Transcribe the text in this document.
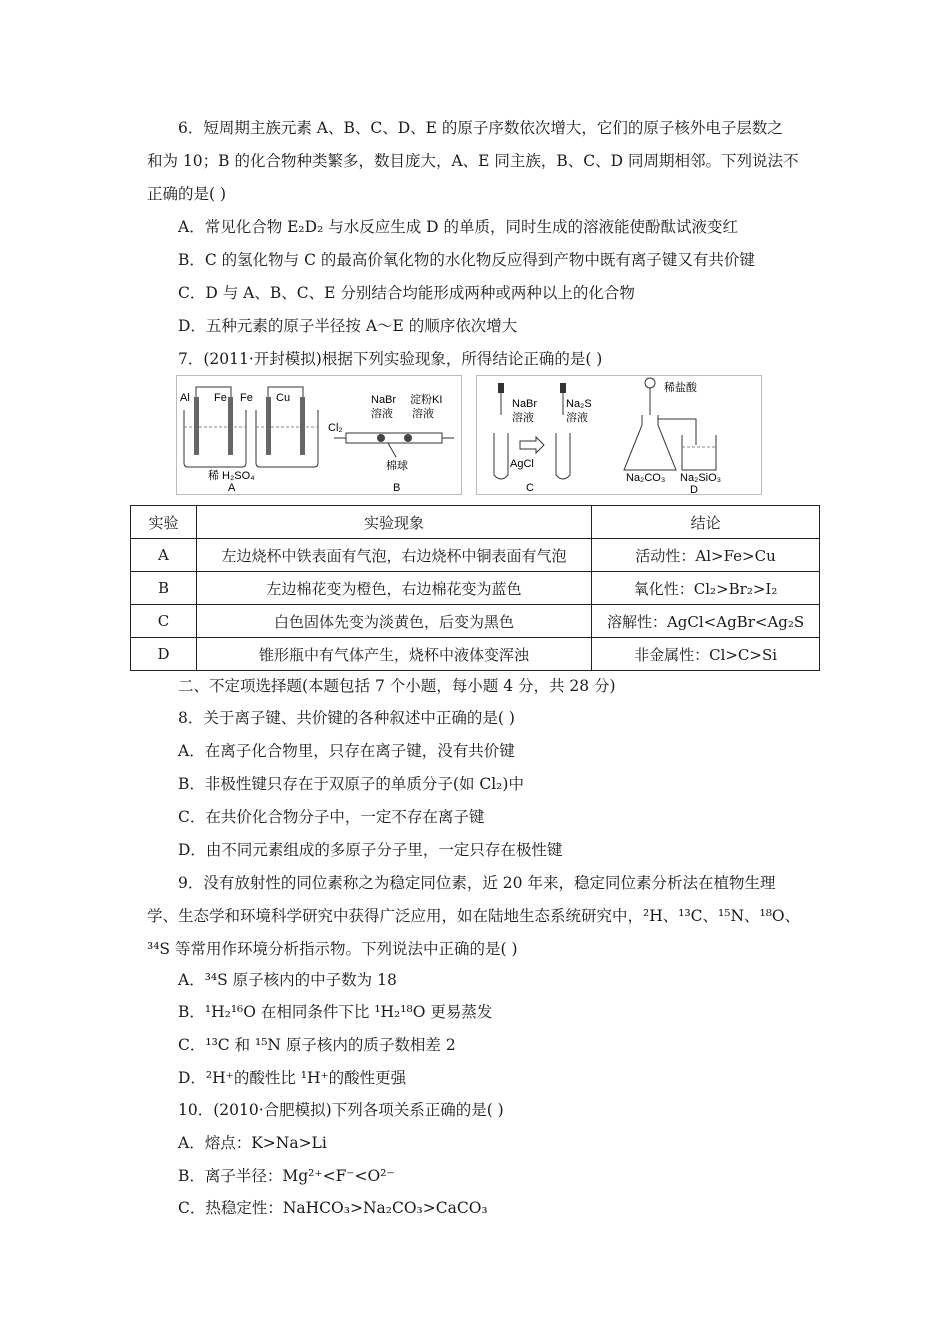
6．短周期主族元素 A、B、C、D、E 的原子序数依次增大，它们的原子核外电子层数之
和为 10；B 的化合物种类繁多，数目庞大，A、E 同主族，B、C、D 同周期相邻。下列说法不
正确的是( )
A．常见化合物 E₂D₂ 与水反应生成 D 的单质，同时生成的溶液能使酚酞试液变红
B．C 的氢化物与 C 的最高价氧化物的水化物反应得到产物中既有离子键又有共价键
C．D 与 A、B、C、E 分别结合均能形成两种或两种以上的化合物
D．五种元素的原子半径按 A～E 的顺序依次增大
7．(2011·开封模拟)根据下列实验现象，所得结论正确的是( )
Al Fe Fe Cu
稀 H₂SO₄
A
NaBr
溶液
淀粉KI
溶液
Cl₂
棉球
B
NaBr
溶液
Na₂S
溶液
AgCl
C
稀盐酸
Na₂CO₃ Na₂SiO₃
D
实验	实验现象	结论
A	左边烧杯中铁表面有气泡，右边烧杯中铜表面有气泡	活动性：Al>Fe>Cu
B	左边棉花变为橙色，右边棉花变为蓝色	氧化性：Cl₂>Br₂>I₂
C	白色固体先变为淡黄色，后变为黑色	溶解性：AgCl<AgBr<Ag₂S
D	锥形瓶中有气体产生，烧杯中液体变浑浊	非金属性：Cl>C>Si
二、不定项选择题(本题包括 7 个小题，每小题 4 分，共 28 分)
8．关于离子键、共价键的各种叙述中正确的是( )
A．在离子化合物里，只存在离子键，没有共价键
B．非极性键只存在于双原子的单质分子(如 Cl₂)中
C．在共价化合物分子中，一定不存在离子键
D．由不同元素组成的多原子分子里，一定只存在极性键
9．没有放射性的同位素称之为稳定同位素，近 20 年来，稳定同位素分析法在植物生理
学、生态学和环境科学研究中获得广泛应用，如在陆地生态系统研究中，²H、¹³C、¹⁵N、¹⁸O、
³⁴S 等常用作环境分析指示物。下列说法中正确的是( )
A．³⁴S 原子核内的中子数为 18
B．¹H₂¹⁶O 在相同条件下比 ¹H₂¹⁸O 更易蒸发
C．¹³C 和 ¹⁵N 原子核内的质子数相差 2
D．²H⁺的酸性比 ¹H⁺的酸性更强
10．(2010·合肥模拟)下列各项关系正确的是( )
A．熔点：K>Na>Li
B．离子半径：Mg²⁺<F⁻<O²⁻
C．热稳定性：NaHCO₃>Na₂CO₃>CaCO₃
